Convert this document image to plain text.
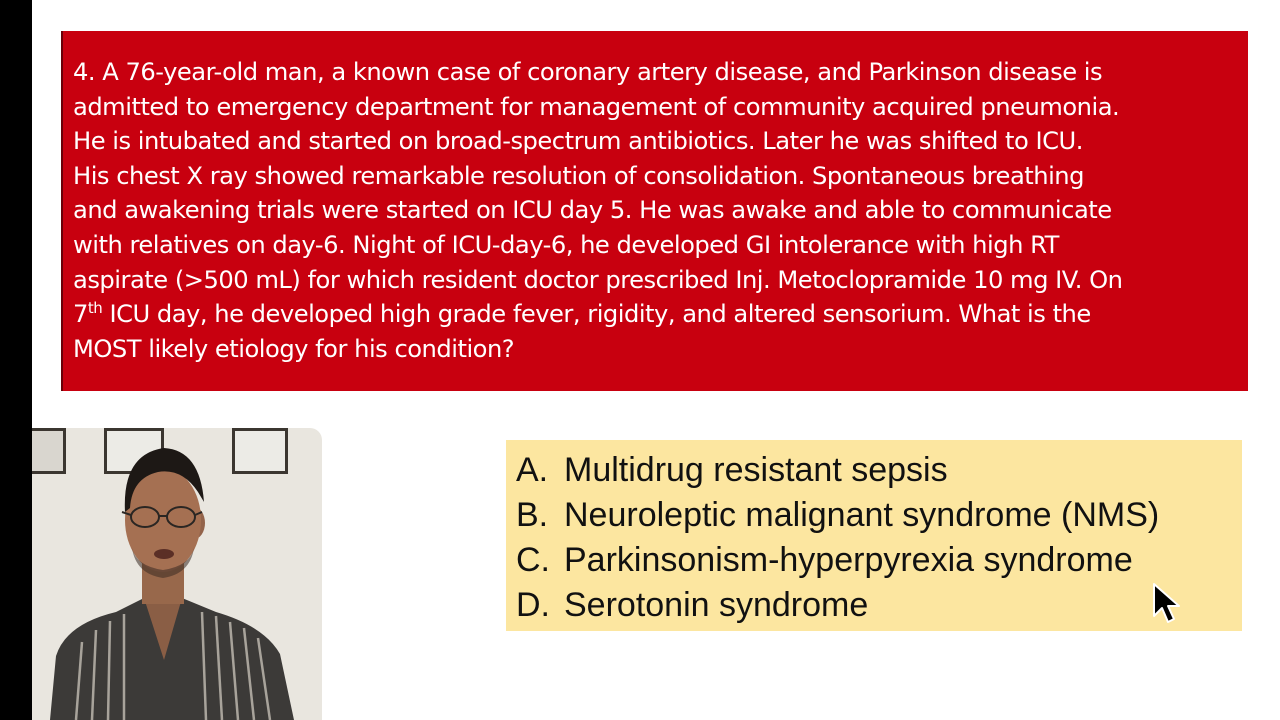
4. A 76-year-old man, a known case of coronary artery disease, and Parkinson disease is
admitted to emergency department for management of community acquired pneumonia.
He is intubated and started on broad-spectrum antibiotics. Later he was shifted to ICU.
His chest X ray showed remarkable resolution of consolidation. Spontaneous breathing
and awakening trials were started on ICU day 5. He was awake and able to communicate
with relatives on day-6. Night of ICU-day-6, he developed GI intolerance with high RT
aspirate (>500 mL) for which resident doctor prescribed Inj. Metoclopramide 10 mg IV. On
7th ICU day, he developed high grade fever, rigidity, and altered sensorium. What is the
MOST likely etiology for his condition?

A. Multidrug resistant sepsis
B. Neuroleptic malignant syndrome (NMS)
C. Parkinsonism-hyperpyrexia syndrome
D. Serotonin syndrome
